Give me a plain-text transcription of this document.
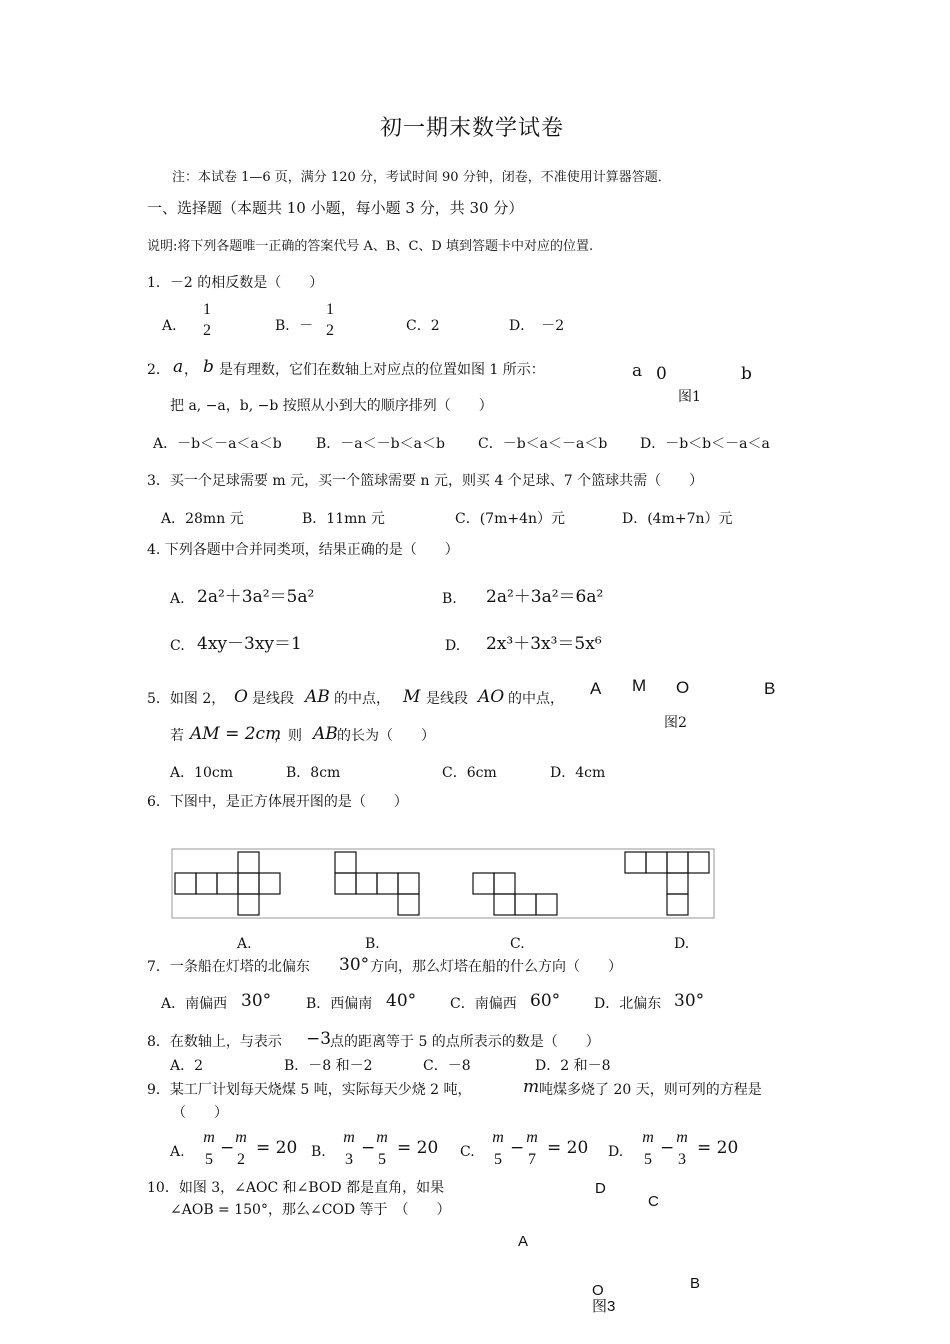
初一期末数学试卷
注：本试卷 1—6 页，满分 120 分，考试时间 90 分钟，闭卷，不准使用计算器答题．
一、选择题（本题共 10 小题，每小题 3 分，共 30 分）
说明:将下列各题唯一正确的答案代号 A、B、C、D 填到答题卡中对应的位置.
1．－2 的相反数是（　　）
A．
1
2	B．－
1
2	C．2	D．　－2
2． a ， b 是有理数，它们在数轴上对应点的位置如图 1 所示：	a 0	b
图1
把 a, −a，b, −b 按照从小到大的顺序排列（　　）
A．－b＜－a＜a＜b B．－a＜－b＜a＜b C．－b＜a＜－a＜b D．－b＜b＜－a＜a
3．买一个足球需要 m 元，买一个篮球需要 n 元，则买 4 个足球、7 个篮球共需（　　）
A．28mn 元	B．11mn 元	C．(7m+4n）元	D．(4m+7n）元
4. 下列各题中合并同类项，结果正确的是（　　）
A. 2a²＋3a²＝5a²	B. 2a²＋3a²＝6a²
C. 4xy－3xy＝1	D. 2x³＋3x³＝5x⁶
5．如图 2， O 是线段 AB 的中点， M 是线段 AO 的中点，
A M O	B
图2
若 AM = 2cm
，则 AB 的长为（　　）
A．10cm	B．8cm	C．6cm	D．4cm
6．下图中，是正方体展开图的是（　　）
A.	B.	C.	D.
7．一条船在灯塔的北偏东 30° 方向，那么灯塔在船的什么方向（　　）
A．南偏西 30° B．西偏南 40° C．南偏西 60° D．北偏东 30°
8．在数轴上，与表示 −3
点的距离等于 5 的点所表示的数是（　　）
A．2	B．－8 和－2	C．－8	D．2 和－8
9．某工厂计划每天烧煤 5 吨，实际每天少烧 2 吨，	m 吨煤多烧了 20 天，则可列的方程是
（　　）
A.
m
5
−
m
2
= 20 B.
m
3
−
m
5
= 20 C.
m
5
−
m
7
= 20 D.
m
5
−
m
3
= 20
10．如图 3，∠AOC 和∠BOD 都是直角，如果
∠AOB = 150°，那么∠COD 等于　（　　）
D
C
A
B
O
图3
